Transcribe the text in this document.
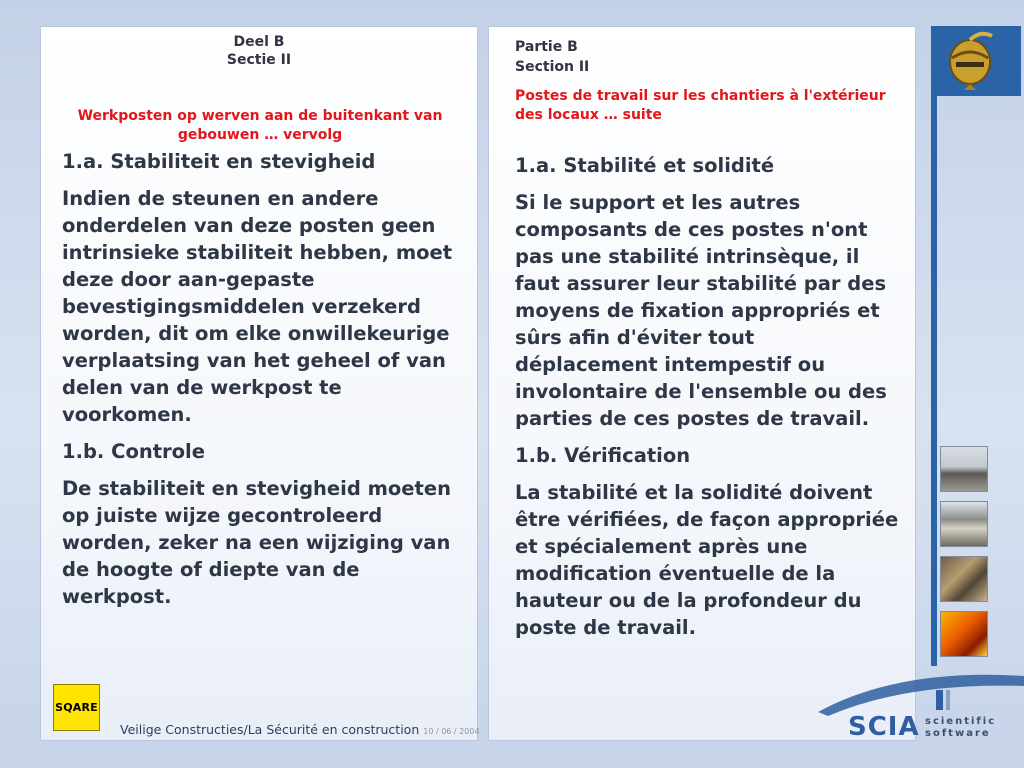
Deel B
Sectie II
Werkposten op werven aan de buitenkant van gebouwen … vervolg

1.a. Stabiliteit en stevigheid

Indien de steunen en andere onderdelen van deze posten geen intrinsieke stabiliteit hebben, moet deze door aan-gepaste bevestigingsmiddelen verzekerd worden, dit om elke onwillekeurige verplaatsing van het geheel of van delen van de werkpost te voorkomen.

1.b. Controle

De stabiliteit en stevigheid moeten op juiste wijze gecontroleerd worden, zeker na een wijziging van de hoogte of diepte van de werkpost.

Partie B
Section II
Postes de travail sur les chantiers à l'extérieur des locaux … suite

1.a. Stabilité et solidité

Si le support et les autres composants de ces postes n'ont pas une stabilité intrinsèque, il faut assurer leur stabilité par des moyens de fixation appropriés et sûrs afin d'éviter tout déplacement intempestif ou involontaire de l'ensemble ou des parties de ces postes de travail.

1.b. Vérification

La stabilité et la solidité doivent être vérifiées, de façon appropriée et spécialement après une modification éventuelle de la hauteur ou de la profondeur du poste de travail.

SQARE
Veilige Constructies/La Sécurité en construction 10 / 06 / 2004	SCIA scientific
software
